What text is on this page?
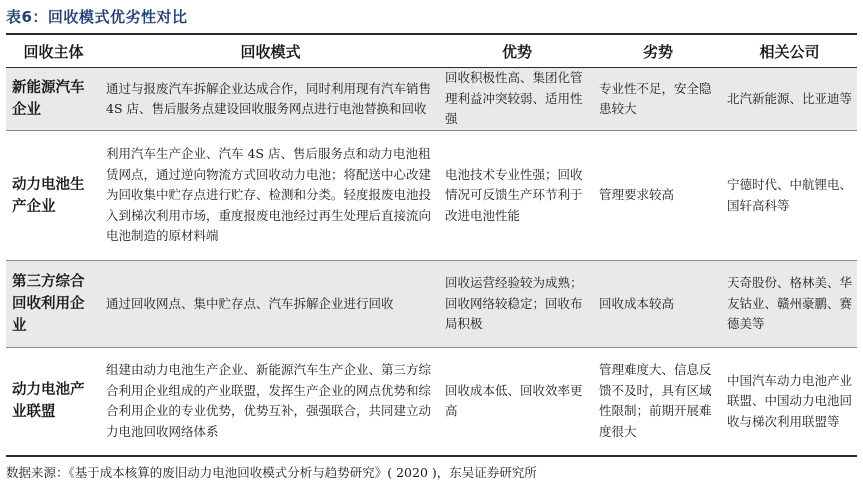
表6：回收模式优劣性对比
回收主体	回收模式	优势	劣势	相关公司
新能源汽车企业	通过与报废汽车拆解企业达成合作，同时利用现有汽车销售 4S 店、售后服务点建设回收服务网点进行电池替换和回收	回收积极性高、集团化管理利益冲突较弱、适用性强	专业性不足，安全隐患较大	北汽新能源、比亚迪等
动力电池生产企业	利用汽车生产企业、汽车 4S 店、售后服务点和动力电池租赁网点，通过逆向物流方式回收动力电池；将配送中心改建为回收集中贮存点进行贮存、检测和分类。轻度报废电池投入到梯次利用市场，重度报废电池经过再生处理后直接流向电池制造的原材料端	电池技术专业性强；回收情况可反馈生产环节利于改进电池性能	管理要求较高	宁德时代、中航锂电、国轩高科等
第三方综合回收利用企业	通过回收网点、集中贮存点、汽车拆解企业进行回收	回收运营经验较为成熟；回收网络较稳定；回收布局积极	回收成本较高	天奇股份、格林美、华友钴业、赣州豪鹏、赛德美等
动力电池产业联盟	组建由动力电池生产企业、新能源汽车生产企业、第三方综合利用企业组成的产业联盟，发挥生产企业的网点优势和综合利用企业的专业优势，优势互补，强强联合，共同建立动力电池回收网络体系	回收成本低、回收效率更高	管理难度大、信息反馈不及时，具有区域性限制；前期开展难度很大	中国汽车动力电池产业联盟、中国动力电池回收与梯次利用联盟等
数据来源：《基于成本核算的废旧动力电池回收模式分析与趋势研究》( 2020 )，东吴证券研究所
